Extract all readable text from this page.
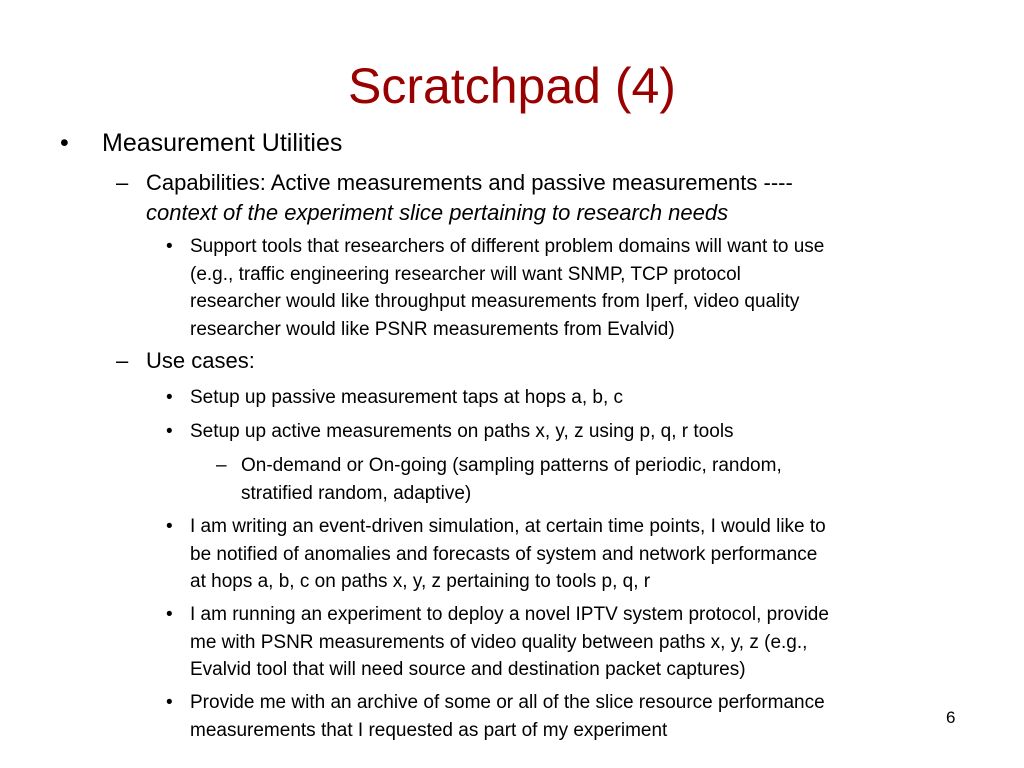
Scratchpad (4)
• Measurement Utilities
– Capabilities: Active measurements and passive measurements ----
context of the experiment slice pertaining to research needs
• Support tools that researchers of different problem domains will want to use
(e.g., traffic engineering researcher will want SNMP, TCP protocol
researcher would like throughput measurements from Iperf, video quality
researcher would like PSNR measurements from Evalvid)
– Use cases:
• Setup up passive measurement taps at hops a, b, c
• Setup up active measurements on paths x, y, z using p, q, r tools
– On-demand or On-going (sampling patterns of periodic, random,
stratified random, adaptive)
• I am writing an event-driven simulation, at certain time points, I would like to
be notified of anomalies and forecasts of system and network performance
at hops a, b, c on paths x, y, z pertaining to tools p, q, r
• I am running an experiment to deploy a novel IPTV system protocol, provide
me with PSNR measurements of video quality between paths x, y, z (e.g.,
Evalvid tool that will need source and destination packet captures)
• Provide me with an archive of some or all of the slice resource performance
measurements that I requested as part of my experiment
6
